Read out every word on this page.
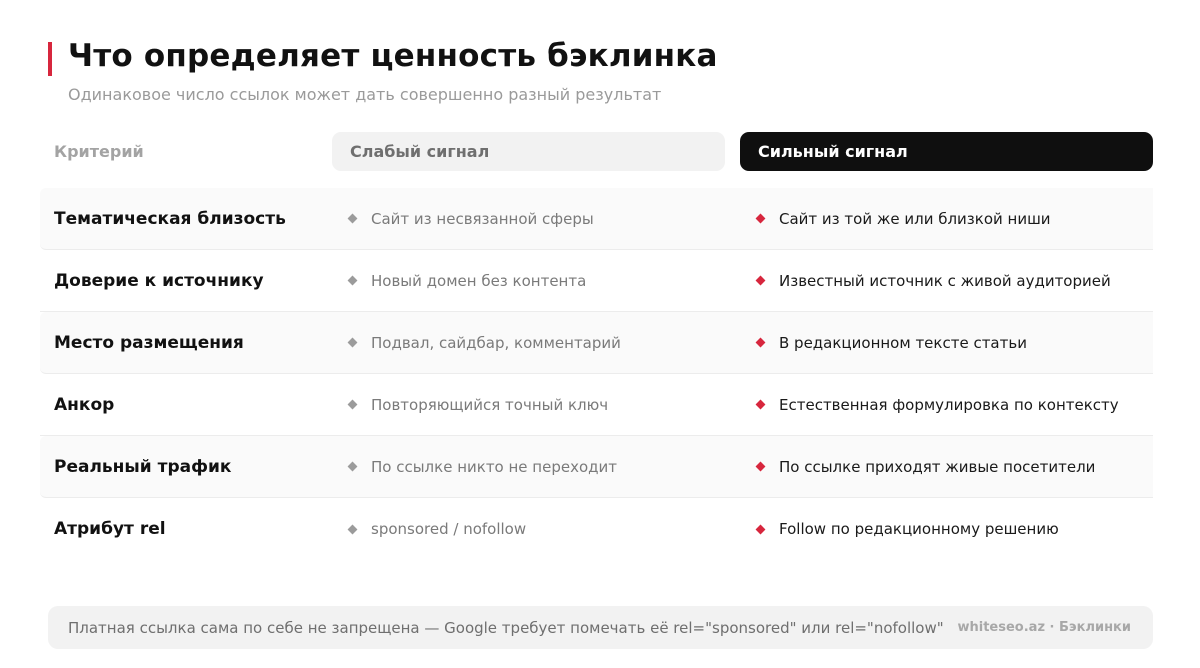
Что определяет ценность бэклинка
Одинаковое число ссылок может дать совершенно разный результат
Критерий	Слабый сигнал	Сильный сигнал
Тематическая близость	Сайт из несвязанной сферы	Сайт из той же или близкой ниши
Доверие к источнику	Новый домен без контента	Известный источник с живой аудиторией
Место размещения	Подвал, сайдбар, комментарий	В редакционном тексте статьи
Анкор	Повторяющийся точный ключ	Естественная формулировка по контексту
Реальный трафик	По ссылке никто не переходит	По ссылке приходят живые посетители
Атрибут rel	sponsored / nofollow	Follow по редакционному решению
Платная ссылка сама по себе не запрещена — Google требует помечать её rel="sponsored" или rel="nofollow" whiteseo.az · Бэклинки
